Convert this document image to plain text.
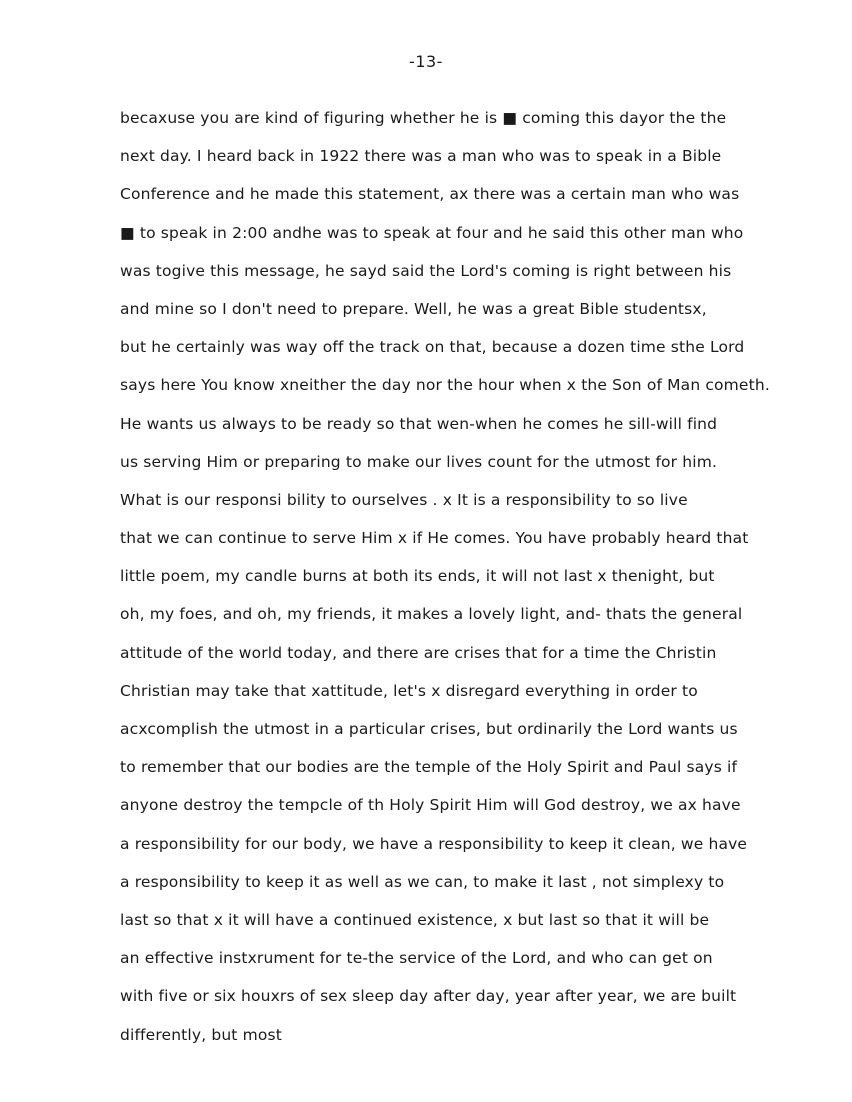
-13-
becaxuse you are kind of figuring whether he is ■ coming this dayor the the
next day. I heard back in 1922 there was a man who was to speak in a Bible
Conference and he made this statement, ax there was a certain man who was
■ to speak in 2:00 andhe was to speak at four and he said this other man who
was togive this message, he sayd said the Lord's coming is right between his
and mine so I don't need to prepare. Well, he was a great Bible studentsx,
but he certainly was way off the track on that, because a dozen time sthe Lord
says here You know xneither the day nor the hour when x the Son of Man cometh.
He wants us always to be ready so that wen-when he comes he sill-will find
us serving Him or preparing to make our lives count for the utmost for him.
What is our responsi bility to ourselves . x It is a responsibility to so live
that we can continue to serve Him x if He comes. You have probably heard that
little poem, my candle burns at both its ends, it will not last x thenight, but
oh, my foes, and oh, my friends, it makes a lovely light, and- thats the general
attitude of the world today, and there are crises that for a time the Christin
Christian may take that xattitude, let's x disregard everything in order to
acxcomplish the utmost in a particular crises, but ordinarily the Lord wants us
to remember that our bodies are the temple of the Holy Spirit and Paul says if
anyone destroy the tempcle of th Holy Spirit Him will God destroy, we ax have
a responsibility for our body, we have a responsibility to keep it clean, we have
a responsibility to keep it as well as we can, to make it last , not simplexy to
last so that x it will have a continued existence, x but last so that it will be
an effective instxrument for te-the service of the Lord, and who can get on
with five or six houxrs of sex sleep day after day, year after year, we are built
differently, but most
